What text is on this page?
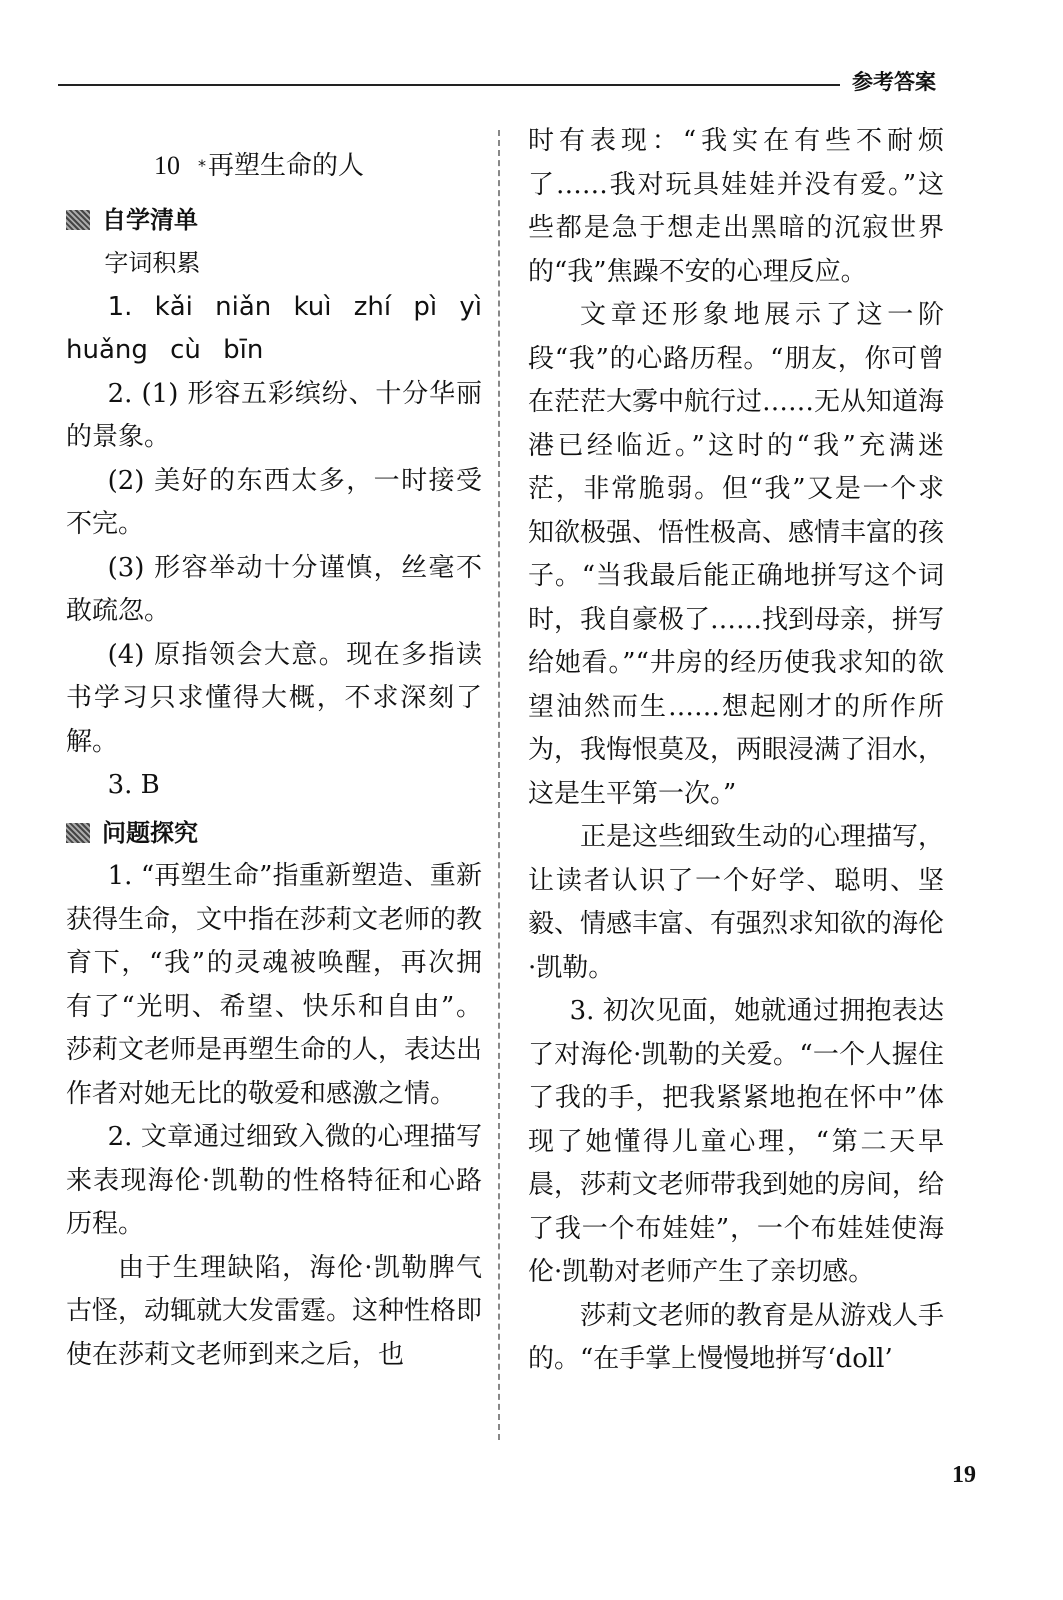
参考答案

10 *再塑生命的人

自学清单

字词积累

1. kǎi niǎn kuì zhí pì yì

huǎng cù bīn

2. (1) 形容五彩缤纷、十分华丽的景象。

(2) 美好的东西太多，一时接受不完。

(3) 形容举动十分谨慎，丝毫不敢疏忽。

(4) 原指领会大意。现在多指读书学习只求懂得大概，不求深刻了解。

3. B

问题探究

1. “再塑生命”指重新塑造、重新获得生命，文中指在莎莉文老师的教育下，“我”的灵魂被唤醒，再次拥有了“光明、希望、快乐和自由”。莎莉文老师是再塑生命的人，表达出作者对她无比的敬爱和感激之情。

2. 文章通过细致入微的心理描写来表现海伦·凯勒的性格特征和心路历程。

由于生理缺陷，海伦·凯勒脾气古怪，动辄就大发雷霆。这种性格即使在莎莉文老师到来之后，也

时有表现：“我实在有些不耐烦了……我对玩具娃娃并没有爱。”这些都是急于想走出黑暗的沉寂世界的“我”焦躁不安的心理反应。

文章还形象地展示了这一阶段“我”的心路历程。“朋友，你可曾在茫茫大雾中航行过……无从知道海港已经临近。”这时的“我”充满迷茫，非常脆弱。但“我”又是一个求知欲极强、悟性极高、感情丰富的孩子。“当我最后能正确地拼写这个词时，我自豪极了……找到母亲，拼写给她看。”“井房的经历使我求知的欲望油然而生……想起刚才的所作所为，我悔恨莫及，两眼浸满了泪水，这是生平第一次。”

正是这些细致生动的心理描写，让读者认识了一个好学、聪明、坚毅、情感丰富、有强烈求知欲的海伦·凯勒。

3. 初次见面，她就通过拥抱表达了对海伦·凯勒的关爱。“一个人握住了我的手，把我紧紧地抱在怀中”体现了她懂得儿童心理，“第二天早晨，莎莉文老师带我到她的房间，给了我一个布娃娃”，一个布娃娃使海伦·凯勒对老师产生了亲切感。

莎莉文老师的教育是从游戏人手的。“在手掌上慢慢地拼写‘doll’

19
